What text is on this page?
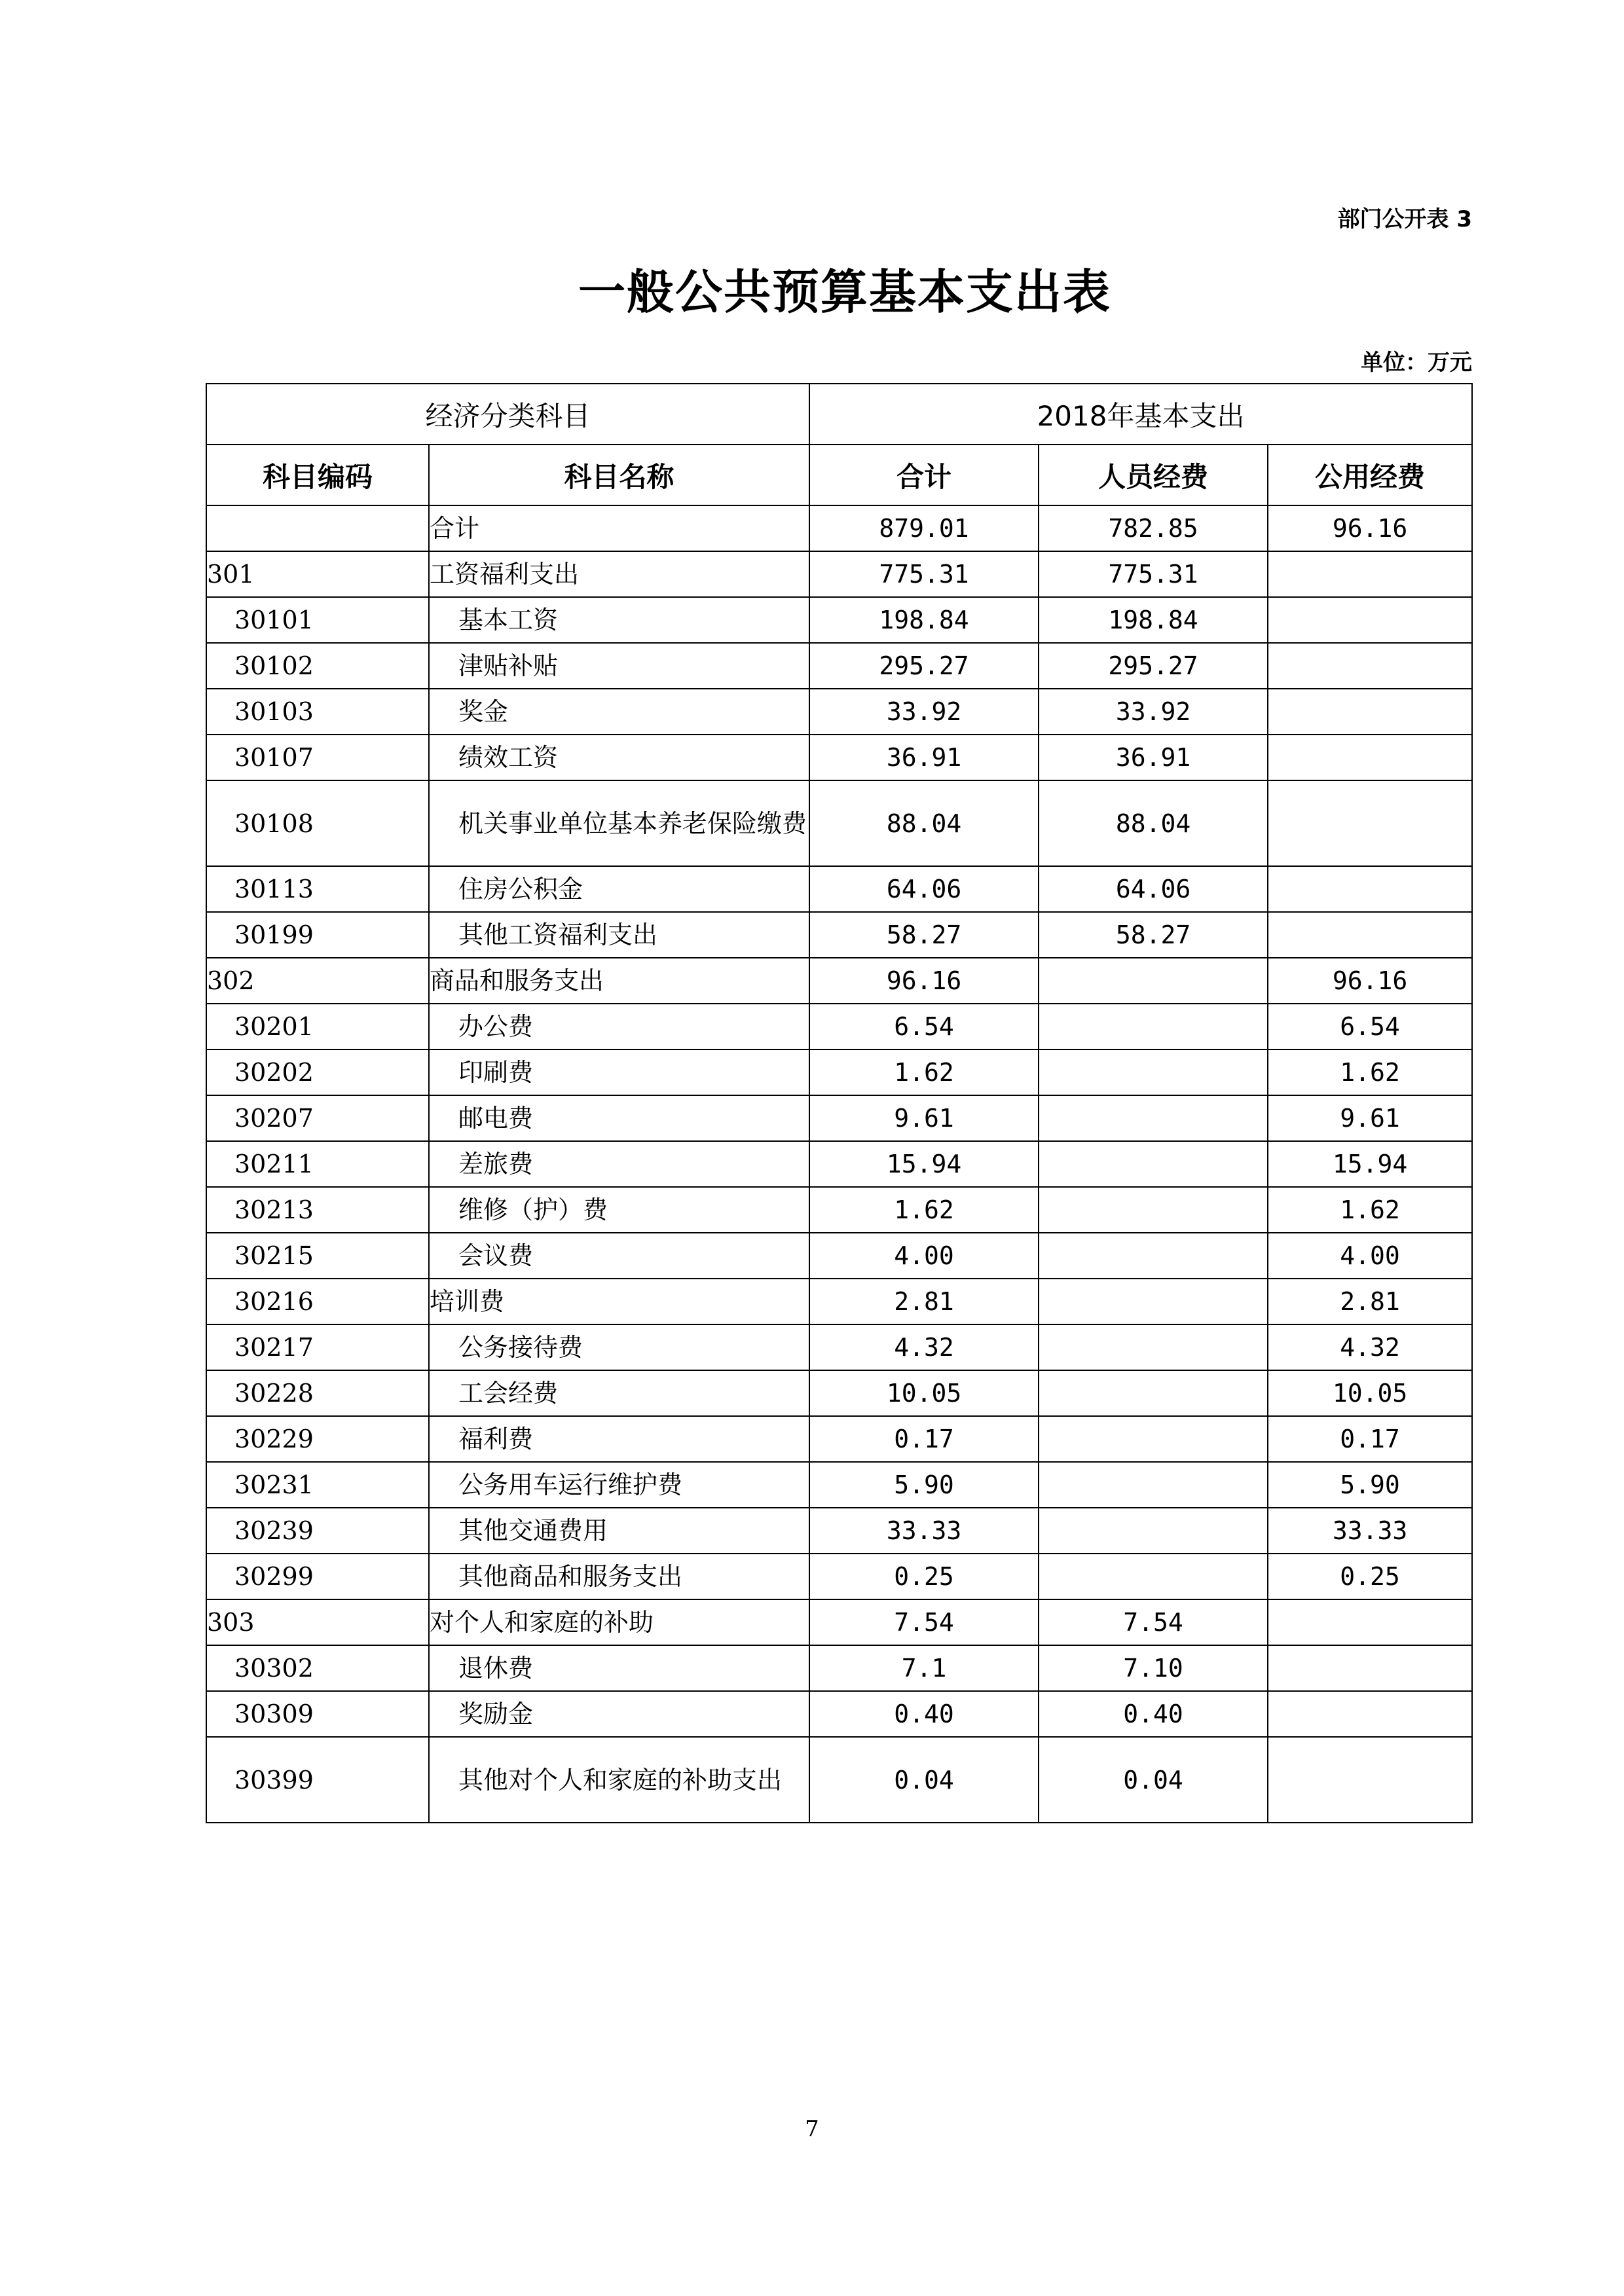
部门公开表 3
一般公共预算基本支出表
单位：万元
经济分类科目		2018年基本支出		
科目编码	科目名称	合计	人员经费	公用经费
	合计	879.01	782.85	96.16
301	工资福利支出	775.31	775.31	
30101	基本工资	198.84	198.84	
30102	津贴补贴	295.27	295.27	
30103	奖金	33.92	33.92	
30107	绩效工资	36.91	36.91	
30108	机关事业单位基本养老保险缴费	88.04	88.04	
30113	住房公积金	64.06	64.06	
30199	其他工资福利支出	58.27	58.27	
302	商品和服务支出	96.16		96.16
30201	办公费	6.54		6.54
30202	印刷费	1.62		1.62
30207	邮电费	9.61		9.61
30211	差旅费	15.94		15.94
30213	维修（护）费	1.62		1.62
30215	会议费	4.00		4.00
30216	培训费	2.81		2.81
30217	公务接待费	4.32		4.32
30228	工会经费	10.05		10.05
30229	福利费	0.17		0.17
30231	公务用车运行维护费	5.90		5.90
30239	其他交通费用	33.33		33.33
30299	其他商品和服务支出	0.25		0.25
303	对个人和家庭的补助	7.54	7.54	
30302	退休费	7.1	7.10	
30309	奖励金	0.40	0.40	
30399	其他对个人和家庭的补助支出	0.04	0.04	
7
